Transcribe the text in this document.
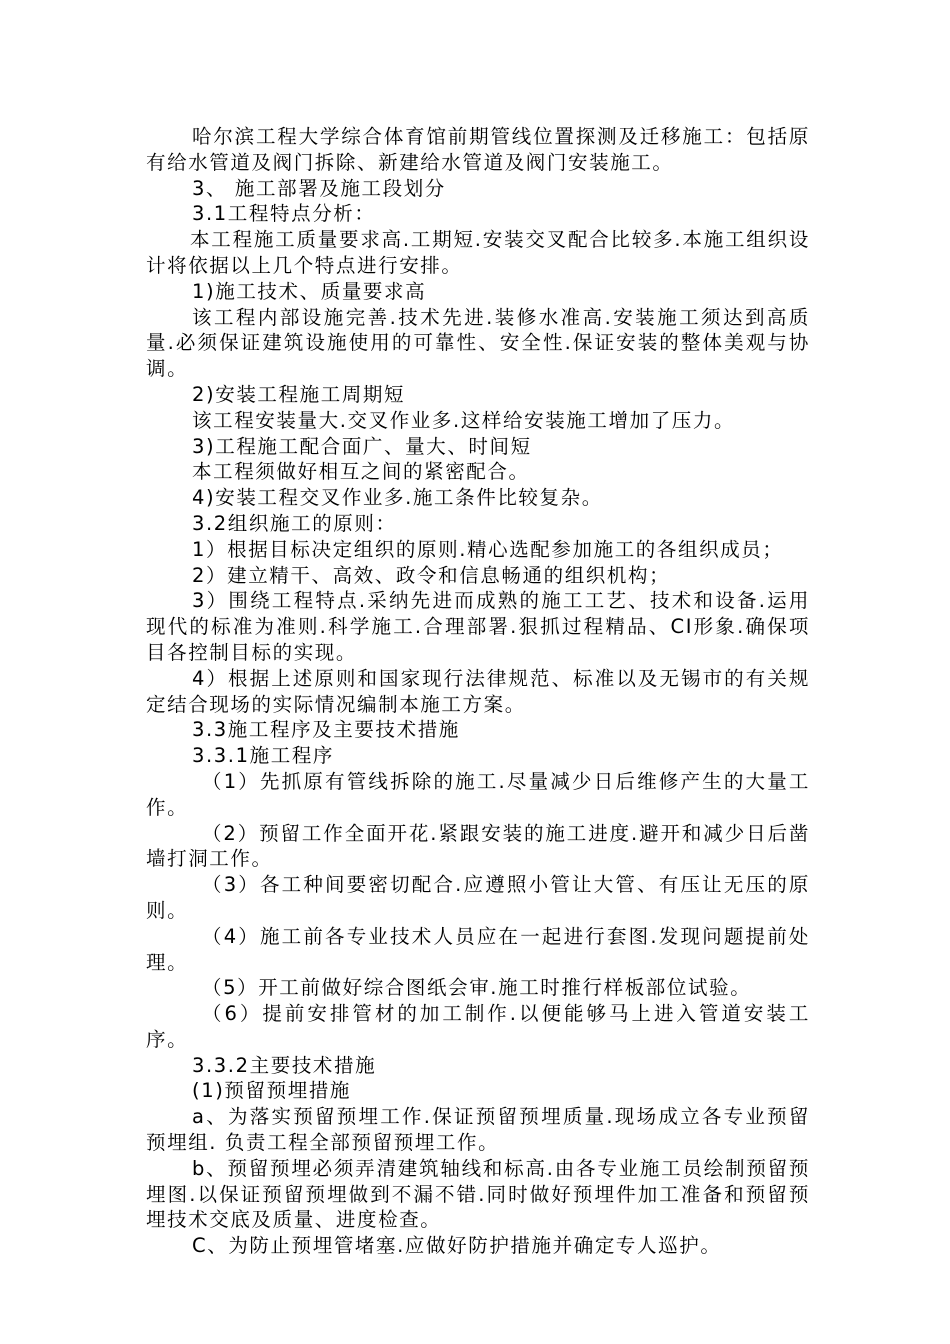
哈尔滨工程大学综合体育馆前期管线位置探测及迁移施工：包括原有给水管道及阀门拆除、新建给水管道及阀门安装施工。

3、 施工部署及施工段划分

3.1工程特点分析：

本工程施工质量要求高.工期短.安装交叉配合比较多.本施工组织设计将依据以上几个特点进行安排。

1)施工技术、质量要求高

该工程内部设施完善.技术先进.装修水准高.安装施工须达到高质量.必须保证建筑设施使用的可靠性、安全性.保证安装的整体美观与协调。

2)安装工程施工周期短

该工程安装量大.交叉作业多.这样给安装施工增加了压力。

3)工程施工配合面广、量大、时间短

本工程须做好相互之间的紧密配合。

4)安装工程交叉作业多.施工条件比较复杂。

3.2组织施工的原则：

1）根据目标决定组织的原则.精心选配参加施工的各组织成员；

2）建立精干、高效、政令和信息畅通的组织机构；

3）围绕工程特点.采纳先进而成熟的施工工艺、技术和设备.运用现代的标准为准则.科学施工.合理部署.狠抓过程精品、CI形象.确保项目各控制目标的实现。

4）根据上述原则和国家现行法律规范、标准以及无锡市的有关规定结合现场的实际情况编制本施工方案。

3.3施工程序及主要技术措施

3.3.1施工程序

（1）先抓原有管线拆除的施工.尽量减少日后维修产生的大量工作。

（2）预留工作全面开花.紧跟安装的施工进度.避开和减少日后凿墙打洞工作。

（3）各工种间要密切配合.应遵照小管让大管、有压让无压的原则。

（4）施工前各专业技术人员应在一起进行套图.发现问题提前处理。

（5）开工前做好综合图纸会审.施工时推行样板部位试验。

（6）提前安排管材的加工制作.以便能够马上进入管道安装工序。

3.3.2主要技术措施

(1)预留预埋措施

a、为落实预留预埋工作.保证预留预埋质量.现场成立各专业预留预埋组. 负责工程全部预留预埋工作。

b、预留预埋必须弄清建筑轴线和标高.由各专业施工员绘制预留预埋图.以保证预留预埋做到不漏不错.同时做好预埋件加工准备和预留预埋技术交底及质量、进度检查。

C、为防止预埋管堵塞.应做好防护措施并确定专人巡护。
